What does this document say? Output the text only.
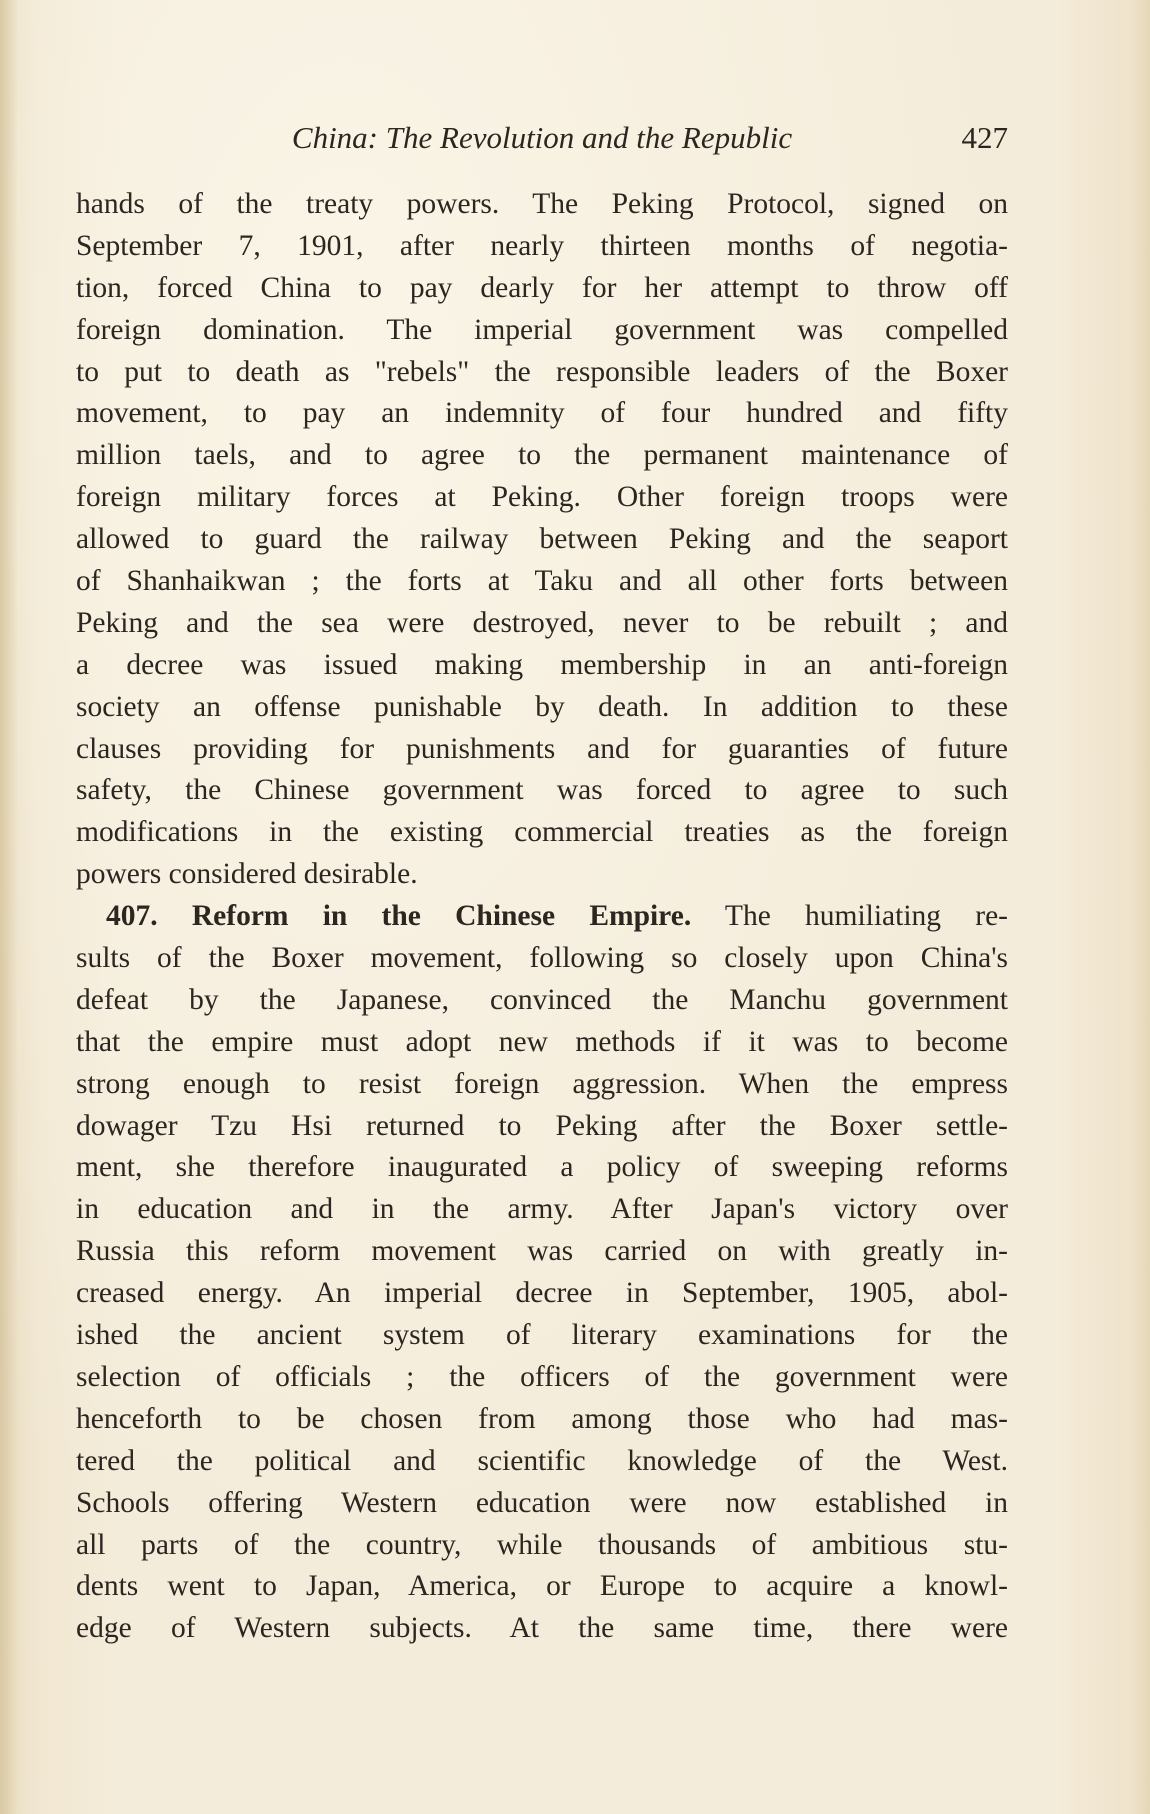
China: The Revolution and the Republic	427
hands of the treaty powers. The Peking Protocol, signed on
September 7, 1901, after nearly thirteen months of negotia-
tion, forced China to pay dearly for her attempt to throw off
foreign domination. The imperial government was compelled
to put to death as "rebels" the responsible leaders of the Boxer
movement, to pay an indemnity of four hundred and fifty
million taels, and to agree to the permanent maintenance of
foreign military forces at Peking. Other foreign troops were
allowed to guard the railway between Peking and the seaport
of Shanhaikwan ; the forts at Taku and all other forts between
Peking and the sea were destroyed, never to be rebuilt ; and
a decree was issued making membership in an anti-foreign
society an offense punishable by death. In addition to these
clauses providing for punishments and for guaranties of future
safety, the Chinese government was forced to agree to such
modifications in the existing commercial treaties as the foreign
powers considered desirable.
407. Reform in the Chinese Empire. The humiliating re-
sults of the Boxer movement, following so closely upon China's
defeat by the Japanese, convinced the Manchu government
that the empire must adopt new methods if it was to become
strong enough to resist foreign aggression. When the empress
dowager Tzu Hsi returned to Peking after the Boxer settle-
ment, she therefore inaugurated a policy of sweeping reforms
in education and in the army. After Japan's victory over
Russia this reform movement was carried on with greatly in-
creased energy. An imperial decree in September, 1905, abol-
ished the ancient system of literary examinations for the
selection of officials ; the officers of the government were
henceforth to be chosen from among those who had mas-
tered the political and scientific knowledge of the West.
Schools offering Western education were now established in
all parts of the country, while thousands of ambitious stu-
dents went to Japan, America, or Europe to acquire a knowl-
edge of Western subjects. At the same time, there were
